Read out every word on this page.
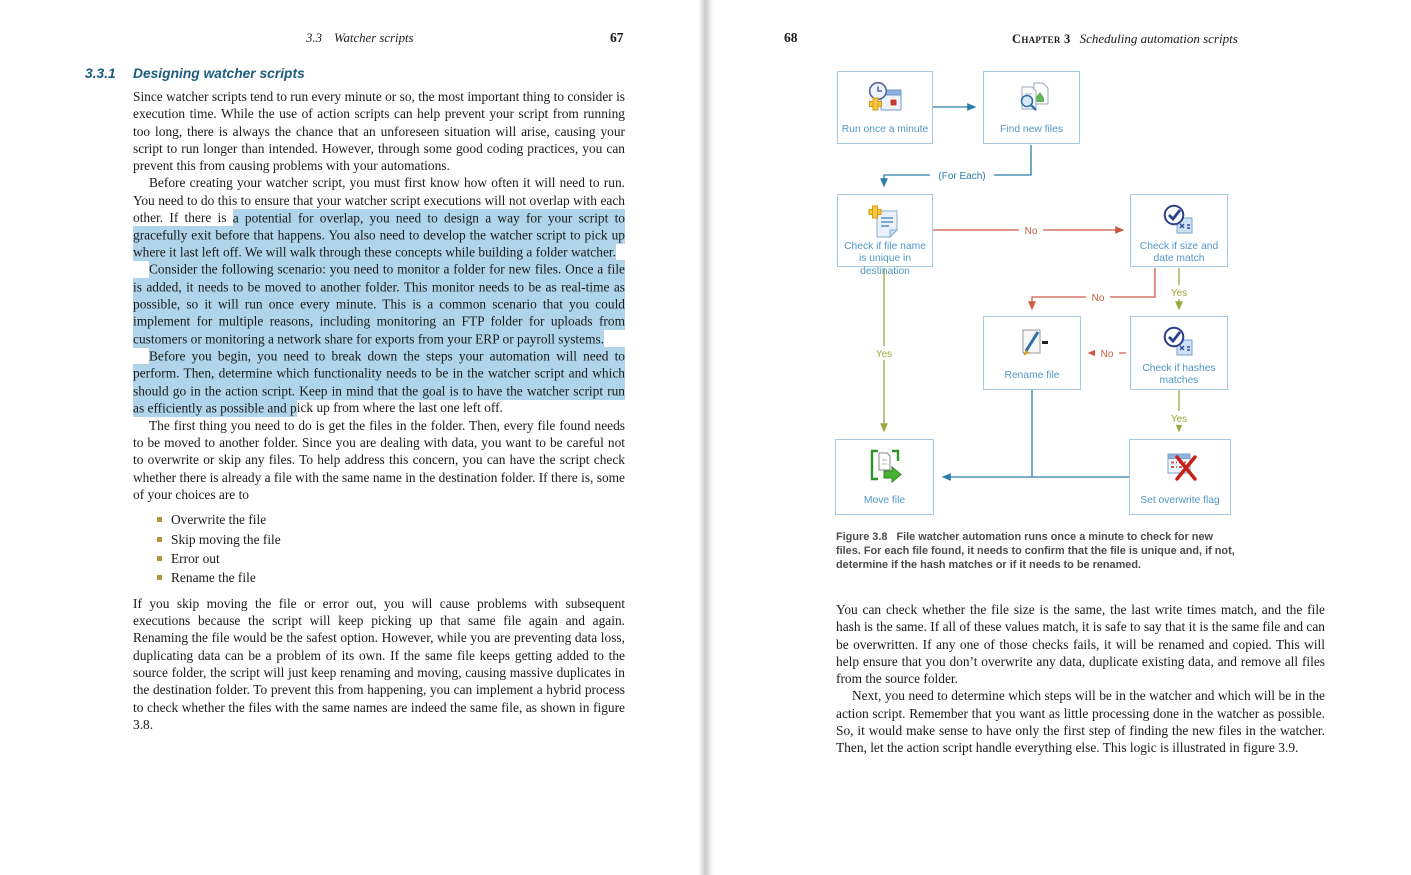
3.3 Watcher scripts	67
3.3.1 Designing watcher scripts

Since watcher scripts tend to run every minute or so, the most important thing to consider is execution time. While the use of action scripts can help prevent your script from running too long, there is always the chance that an unforeseen situation will arise, causing your script to run longer than intended. However, through some good coding practices, you can prevent this from causing problems with your automations.

Before creating your watcher script, you must first know how often it will need to run. You need to do this to ensure that your watcher script executions will not overlap with each other. If there is a potential for overlap, you need to design a way for your script to gracefully exit before that happens. You also need to develop the watcher script to pick up where it last left off. We will walk through these concepts while building a folder watcher.

Consider the following scenario: you need to monitor a folder for new files. Once a file is added, it needs to be moved to another folder. This monitor needs to be as real-time as possible, so it will run once every minute. This is a common scenario that you could implement for multiple reasons, including monitoring an FTP folder for uploads from customers or monitoring a network share for exports from your ERP or payroll systems.

Before you begin, you need to break down the steps your automation will need to perform. Then, determine which functionality needs to be in the watcher script and which should go in the action script. Keep in mind that the goal is to have the watcher script run as efficiently as possible and pick up from where the last one left off.

The first thing you need to do is get the files in the folder. Then, every file found needs to be moved to another folder. Since you are dealing with data, you want to be careful not to overwrite or skip any files. To help address this concern, you can have the script check whether there is already a file with the same name in the destination folder. If there is, some of your choices are to

Overwrite the file
Skip moving the file
Error out
Rename the file

If you skip moving the file or error out, you will cause problems with subsequent executions because the script will keep picking up that same file again and again. Renaming the file would be the safest option. However, while you are preventing data loss, duplicating data can be a problem of its own. If the same file keeps getting added to the source folder, the script will just keep renaming and moving, causing massive duplicates in the destination folder. To prevent this from happening, you can implement a hybrid process to check whether the files with the same names are indeed the same file, as shown in figure 3.8.

68	Chapter 3 Scheduling automation scripts
(For Each)
No
No
No
Yes
Yes
Yes
Run once a minute	Find new files
Check if file name is unique in destination
Check if size and date match
Rename file
Check if hashes matches
Move file	Set overwrite flag
Figure 3.8 File watcher automation runs once a minute to check for new files. For each file found, it needs to confirm that the file is unique and, if not, determine if the hash matches or if it needs to be renamed.

You can check whether the file size is the same, the last write times match, and the file hash is the same. If all of these values match, it is safe to say that it is the same file and can be overwritten. If any one of those checks fails, it will be renamed and copied. This will help ensure that you don’t overwrite any data, duplicate existing data, and remove all files from the source folder.

Next, you need to determine which steps will be in the watcher and which will be in the action script. Remember that you want as little processing done in the watcher as possible. So, it would make sense to have only the first step of finding the new files in the watcher. Then, let the action script handle everything else. This logic is illustrated in figure 3.9.
